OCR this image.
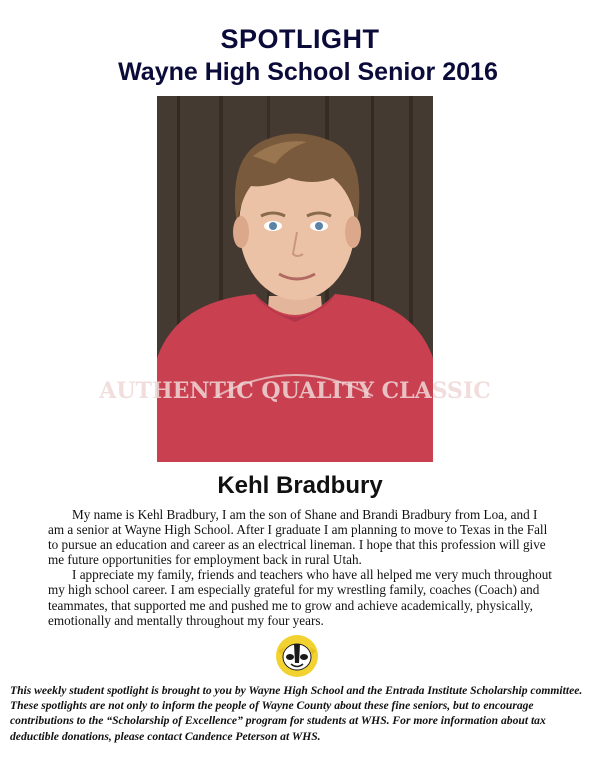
SPOTLIGHT
Wayne High School Senior 2016
AUTHENTIC QUALITY CLASSIC
Kehl Bradbury

My name is Kehl Bradbury, I am the son of Shane and Brandi Bradbury from Loa, and I am a senior at Wayne High School. After I graduate I am planning to move to Texas in the Fall to pursue an education and career as an electrical lineman. I hope that this profession will give me future opportunities for employment back in rural Utah.

I appreciate my family, friends and teachers who have all helped me very much throughout my high school career. I am especially grateful for my wrestling family, coaches (Coach) and teammates, that supported me and pushed me to grow and achieve academically, physically, emotionally and mentally throughout my four years.

This weekly student spotlight is brought to you by Wayne High School and the Entrada Institute Scholarship committee. These spotlights are not only to inform the people of Wayne County about these fine seniors, but to encourage contributions to the “Scholarship of Excellence” program for students at WHS. For more information about tax deductible donations, please contact Candence Peterson at WHS.
